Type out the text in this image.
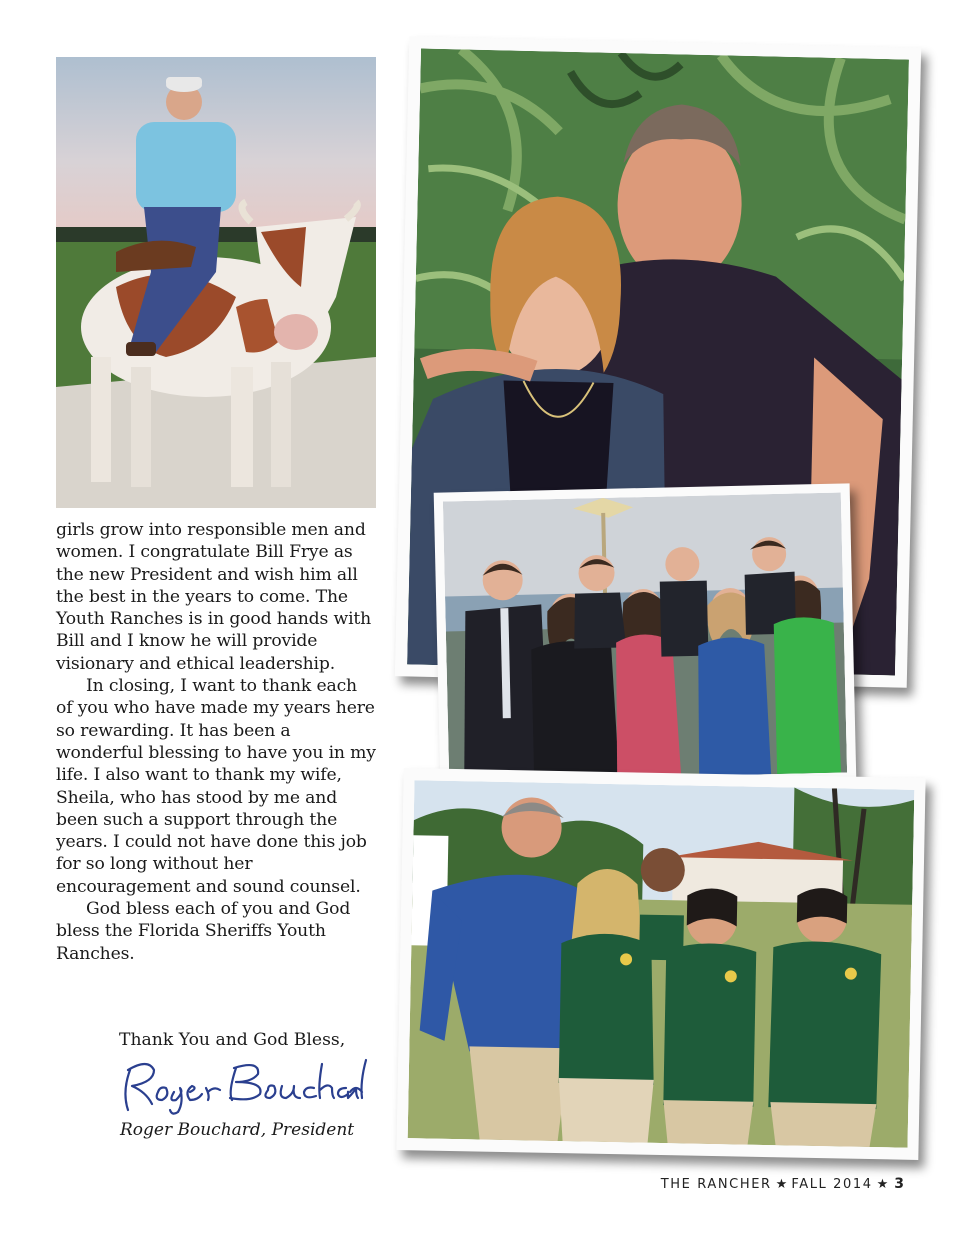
girls grow into responsible men and women. I congratulate Bill Frye as the new President and wish him all the best in the years to come. The Youth Ranches is in good hands with Bill and I know he will provide visionary and ethical leadership.

In closing, I want to thank each of you who have made my years here so rewarding. It has been a wonderful blessing to have you in my life. I also want to thank my wife, Sheila, who has stood by me and been such a support through the years. I could not have done this job for so long without her encouragement and sound counsel.

God bless each of you and God bless the Florida Sheriffs Youth Ranches.

Thank You and God Bless,
Roger Bouchard, President
THE RANCHER ★ FALL 2014 ★ 3
